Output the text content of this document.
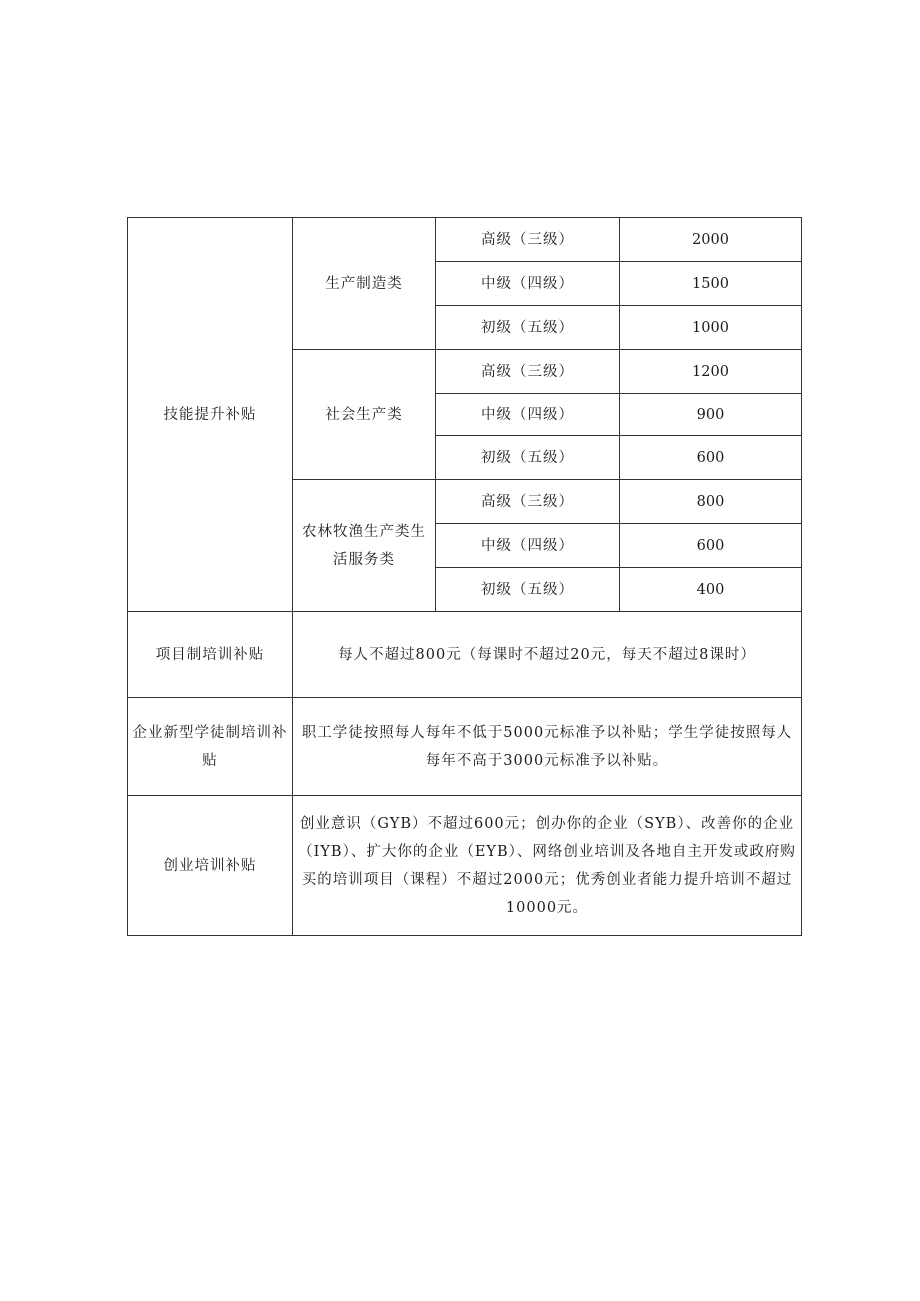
技能提升补贴	生产制造类	高级（三级）	2000
		中级（四级）	1500
		初级（五级）	1000
	社会生产类	高级（三级）	1200
		中级（四级）	900
		初级（五级）	600
	农林牧渔生产类生活服务类	高级（三级）	800
		中级（四级）	600
		初级（五级）	400
项目制培训补贴	每人不超过800元（每课时不超过20元，每天不超过8课时）		
企业新型学徒制培训补贴	职工学徒按照每人每年不低于5000元标准予以补贴；学生学徒按照每人每年不高于3000元标准予以补贴。		
创业培训补贴	创业意识（GYB）不超过600元；创办你的企业（SYB）、改善你的企业（IYB）、扩大你的企业（EYB）、网络创业培训及各地自主开发或政府购买的培训项目（课程）不超过2000元；优秀创业者能力提升培训不超过10000元。		
